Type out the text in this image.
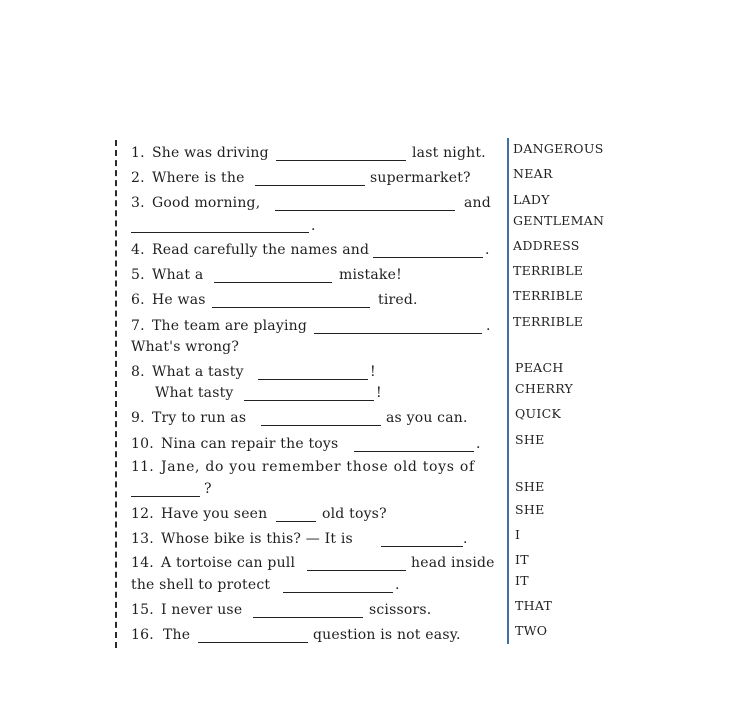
1. She was driving	last night.
2. Where is the	supermarket?
3. Good morning,	and
.
4. Read carefully the names and	.
5. What a	mistake!
6. He was	tired.
7. The team are playing	.
What's wrong?
8. What a tasty	!
What tasty	!
9. Try to run as	as you can.
10. Nina can repair the toys	.
11. Jane, do you remember those old toys of
?
12. Have you seen	old toys?
13. Whose bike is this? — It is	.
14. A tortoise can pull	head inside
the shell to protect	.
15. I never use	scissors.
16. The	question is not easy.
DANGEROUS
NEAR
LADY
GENTLEMAN
ADDRESS
TERRIBLE
TERRIBLE
TERRIBLE
PEACH
CHERRY
QUICK
SHE
SHE
SHE
I
IT
IT
THAT
TWO
